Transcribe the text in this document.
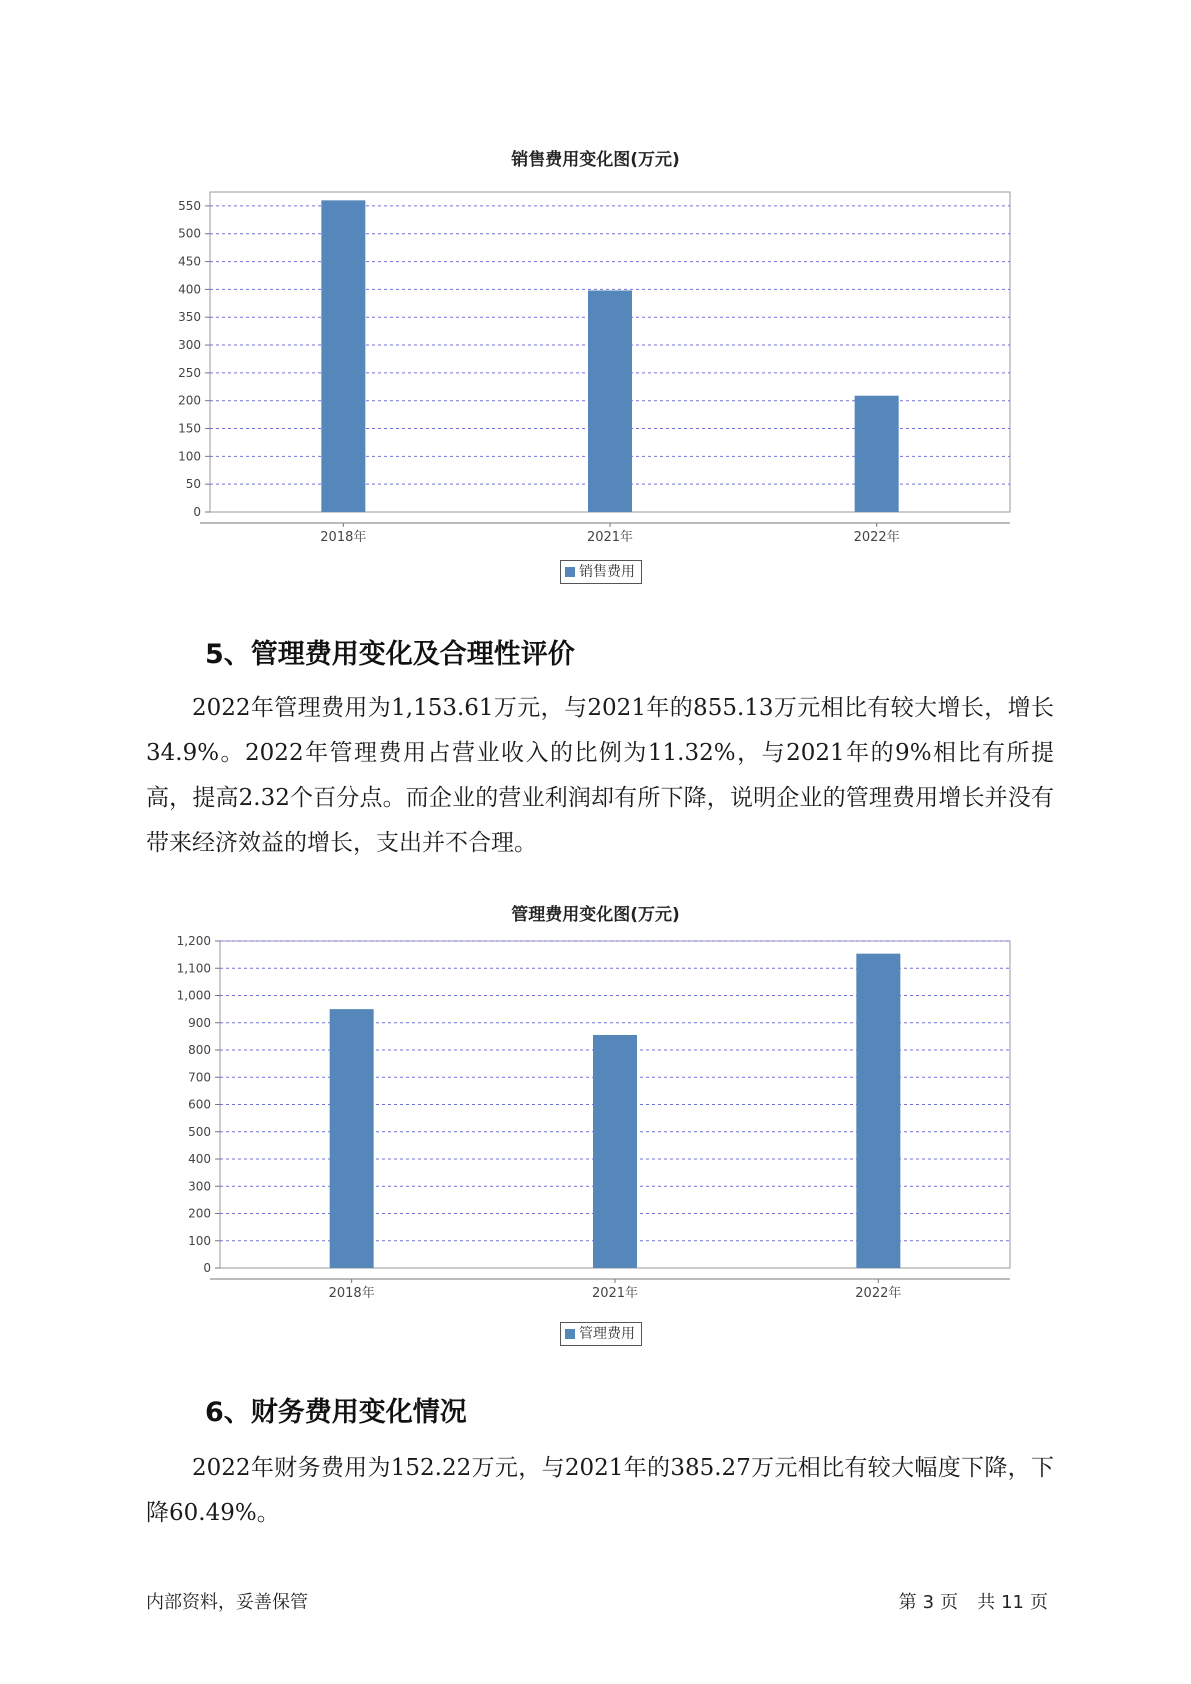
销售费用变化图(万元)
0
50
100
150
200
250
300
350
400
450
500
550
2018年	2021年	2022年
销售费用
5、管理费用变化及合理性评价

2022年管理费用为1,153.61万元，与2021年的855.13万元相比有较大增长，增长34.9%。2022年管理费用占营业收入的比例为11.32%，与2021年的9%相比有所提高，提高2.32个百分点。而企业的营业利润却有所下降，说明企业的管理费用增长并没有带来经济效益的增长，支出并不合理。

管理费用变化图(万元)
0
100
200
300
400
500
600
700
800
900
1,000
1,100
1,200
2018年	2021年	2022年
管理费用
6、财务费用变化情况

2022年财务费用为152.22万元，与2021年的385.27万元相比有较大幅度下降，下降60.49%。

内部资料，妥善保管	第 3 页 共 11 页
